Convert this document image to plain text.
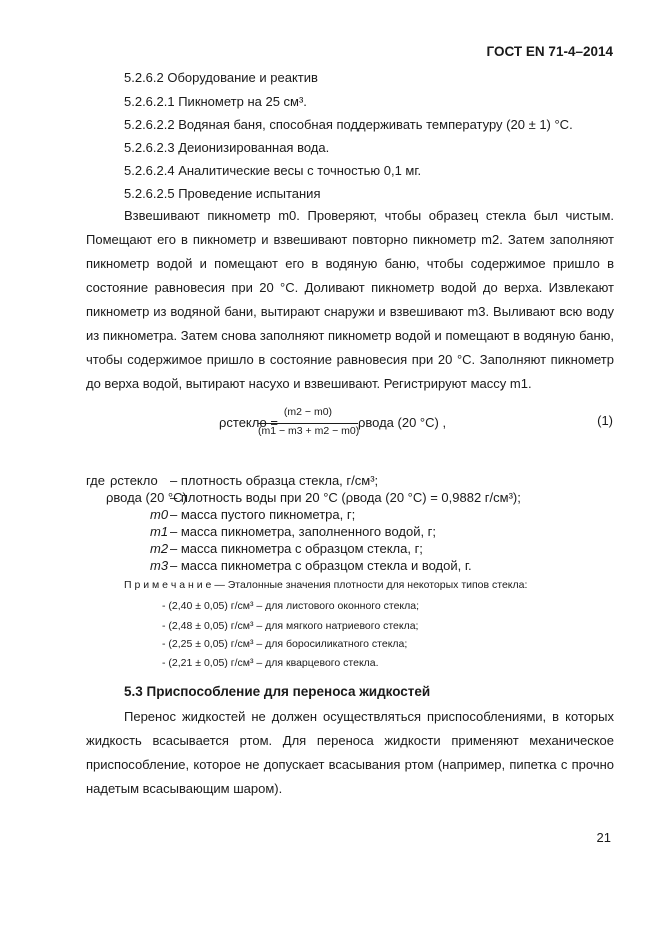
ГОСТ EN 71-4–2014
5.2.6.2 Оборудование и реактив
5.2.6.2.1 Пикнометр на 25 см³.
5.2.6.2.2 Водяная баня, способная поддерживать температуру (20 ± 1) °С.
5.2.6.2.3 Деионизированная вода.
5.2.6.2.4 Аналитические весы с точностью 0,1 мг.
5.2.6.2.5 Проведение испытания
Взвешивают пикнометр m0. Проверяют, чтобы образец стекла был чистым. Помещают его в пикнометр и взвешивают повторно пикнометр m2. Затем заполняют пикнометр водой и помещают его в водяную баню, чтобы содержимое пришло в состояние равновесия при 20 °С. Доливают пикнометр водой до верха. Извлекают пикнометр из водяной бани, вытирают снаружи и взвешивают m3. Выливают всю воду из пикнометра. Затем снова заполняют пикнометр водой и помещают в водяную баню, чтобы содержимое пришло в состояние равновесия при 20 °С. Заполняют пикнометр до верха водой, вытирают насухо и взвешивают. Регистрируют массу m1.
ρстекло =
(m2 − m0)
(m1 − m3 + m2 − m0)
ρвода (20 °С) ,	(1)
где ρстекло – плотность образца стекла, г/см³;
ρвода (20 °С)
– плотность воды при 20 °С (ρвода (20 °С) = 0,9882 г/см³);
m0 – масса пустого пикнометра, г;
m1 – масса пикнометра, заполненного водой, г;
m2 – масса пикнометра с образцом стекла, г;
m3 – масса пикнометра с образцом стекла и водой, г.
П р и м е ч а н и е — Эталонные значения плотности для некоторых типов стекла:
- (2,40 ± 0,05) г/см³ – для листового оконного стекла;
- (2,48 ± 0,05) г/см³ – для мягкого натриевого стекла;
- (2,25 ± 0,05) г/см³ – для боросиликатного стекла;
- (2,21 ± 0,05) г/см³ – для кварцевого стекла.
5.3 Приспособление для переноса жидкостей
Перенос жидкостей не должен осуществляться приспособлениями, в которых жидкость всасывается ртом. Для переноса жидкости применяют механическое приспособление, которое не допускает всасывания ртом (например, пипетка с прочно надетым всасывающим шаром).
21
